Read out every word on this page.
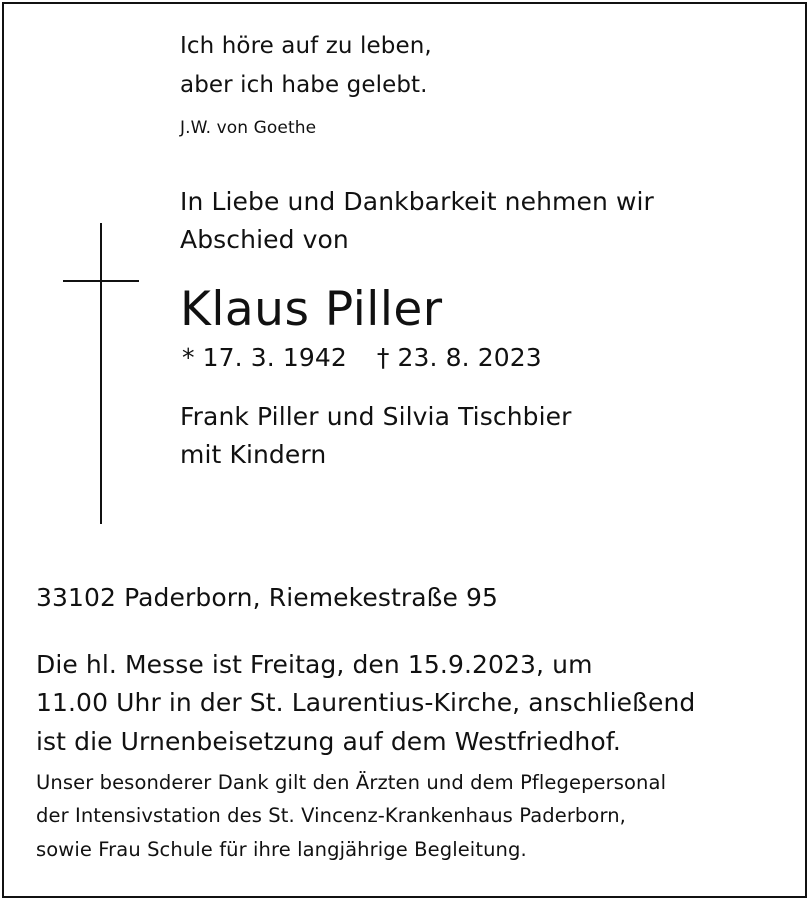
Ich höre auf zu leben,
aber ich habe gelebt.
J.W. von Goethe
In Liebe und Dankbarkeit nehmen wir
Abschied von
Klaus Piller
* 17. 3. 1942 † 23. 8. 2023
Frank Piller und Silvia Tischbier
mit Kindern
33102 Paderborn, Riemekestraße 95
Die hl. Messe ist Freitag, den 15.9.2023, um
11.00 Uhr in der St. Laurentius-Kirche, anschließend
ist die Urnenbeisetzung auf dem Westfriedhof.
Unser besonderer Dank gilt den Ärzten und dem Pflegepersonal
der Intensivstation des St. Vincenz-Krankenhaus Paderborn,
sowie Frau Schule für ihre langjährige Begleitung.
